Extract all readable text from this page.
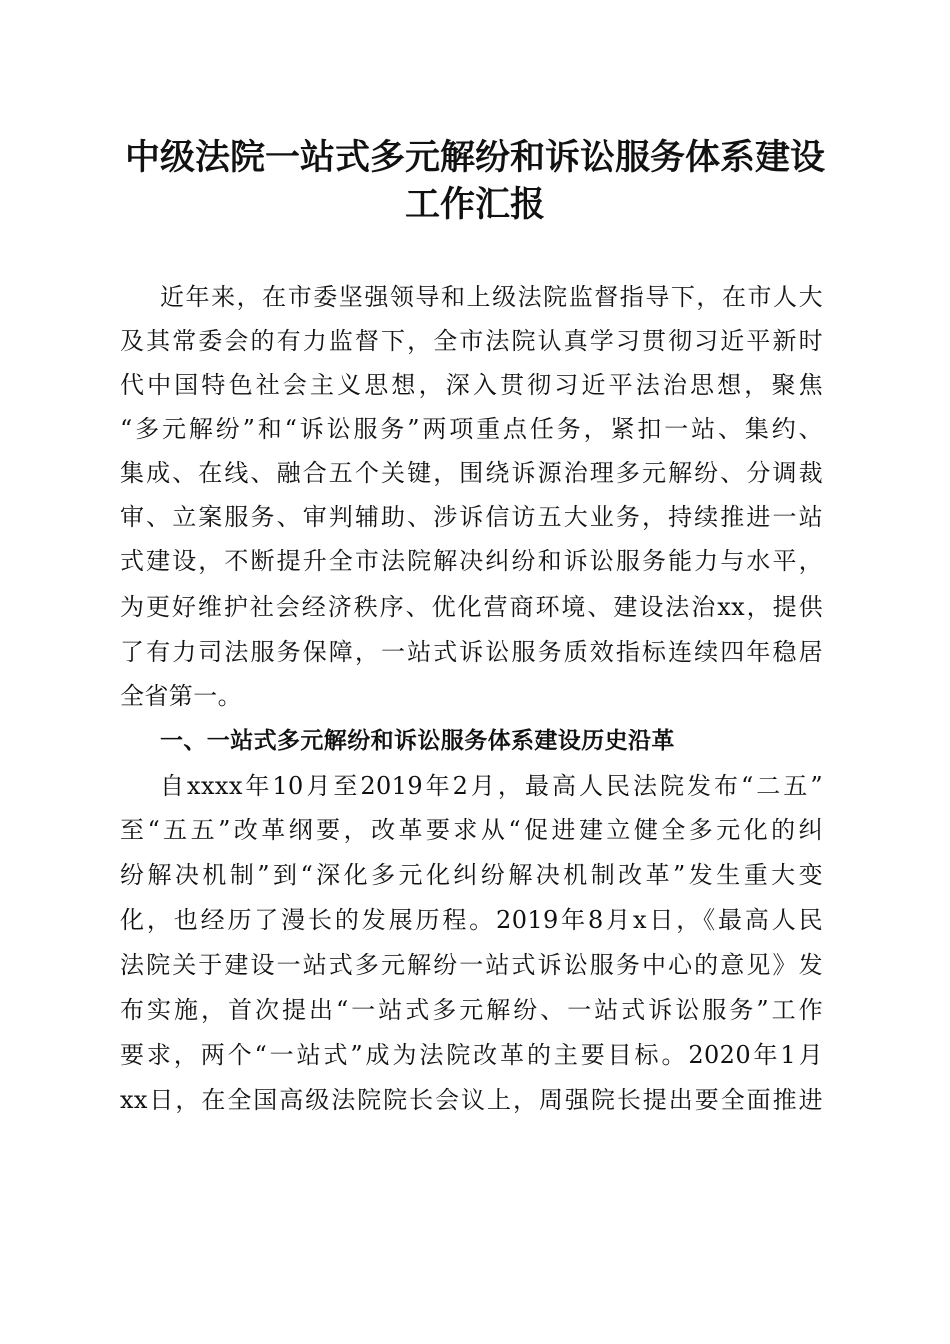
中级法院一站式多元解纷和诉讼服务体系建设
工作汇报
近年来，在市委坚强领导和上级法院监督指导下，在市人大
及其常委会的有力监督下，全市法院认真学习贯彻习近平新时
代中国特色社会主义思想，深入贯彻习近平法治思想，聚焦
“多元解纷”和“诉讼服务”两项重点任务，紧扣一站、集约、
集成、在线、融合五个关键，围绕诉源治理多元解纷、分调裁
审、立案服务、审判辅助、涉诉信访五大业务，持续推进一站
式建设，不断提升全市法院解决纠纷和诉讼服务能力与水平，
为更好维护社会经济秩序、优化营商环境、建设法治xx，提供
了有力司法服务保障，一站式诉讼服务质效指标连续四年稳居
全省第一。
一、一站式多元解纷和诉讼服务体系建设历史沿革
自xxxx年10月至2019年2月，最高人民法院发布“二五”
至“五五”改革纲要，改革要求从“促进建立健全多元化的纠
纷解决机制”到“深化多元化纠纷解决机制改革”发生重大变
化，也经历了漫长的发展历程。2019年8月x日，《最高人民
法院关于建设一站式多元解纷一站式诉讼服务中心的意见》发
布实施，首次提出“一站式多元解纷、一站式诉讼服务”工作
要求，两个“一站式”成为法院改革的主要目标。2020年1月
xx日，在全国高级法院院长会议上，周强院长提出要全面推进
